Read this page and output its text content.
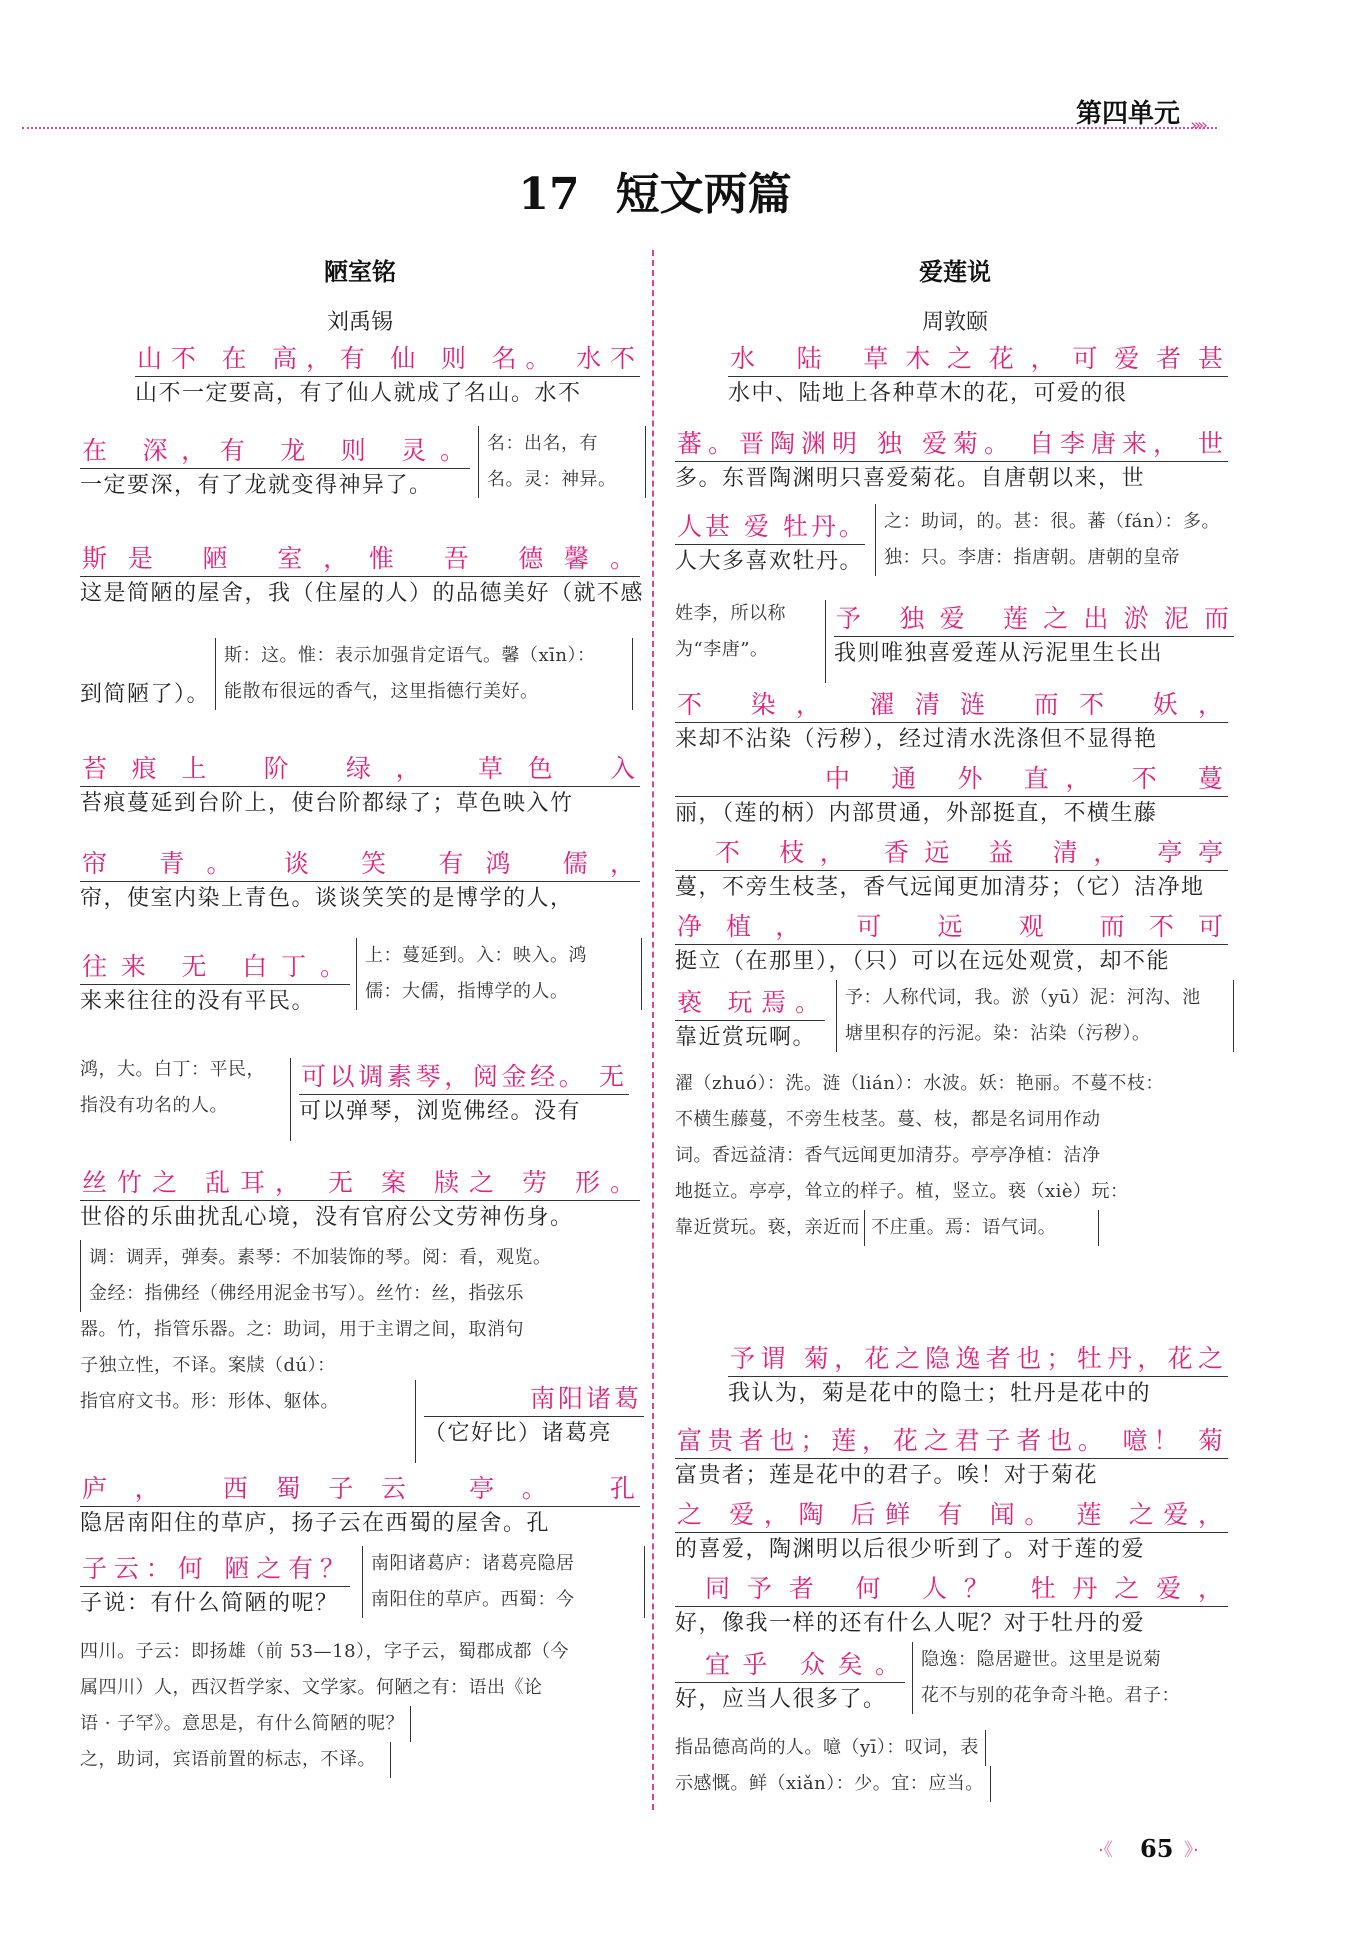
第四单元 »»
17 短文两篇
陋室铭
刘禹锡
山不 在 高，有 仙 则 名。 水不
山不一定要高，有了仙人就成了名山。水不
在 深，有 龙 则 灵。
一定要深，有了龙就变得神异了。
名：出名，有
名。灵：神异。
斯是 陋 室，惟 吾 德馨。
这是简陋的屋舍，我（住屋的人）的品德美好（就不感
到简陋了）。
斯：这。惟：表示加强肯定语气。馨（xīn）：
能散布很远的香气，这里指德行美好。
苔痕上 阶 绿， 草色 入
苔痕蔓延到台阶上，使台阶都绿了；草色映入竹
帘 青。 谈 笑 有鸿 儒，
帘，使室内染上青色。谈谈笑笑的是博学的人，
往来 无 白丁。
来来往往的没有平民。
上：蔓延到。入：映入。鸿
儒：大儒，指博学的人。
鸿，大。白丁：平民，
指没有功名的人。
可以调素琴，阅金经。 无
可以弹琴，浏览佛经。没有
丝竹之 乱耳， 无 案 牍之 劳 形。
世俗的乐曲扰乱心境，没有官府公文劳神伤身。
调：调弄，弹奏。素琴：不加装饰的琴。阅：看，观览。
金经：指佛经（佛经用泥金书写）。丝竹：丝，指弦乐
器。竹，指管乐器。之：助词，用于主谓之间，取消句
子独立性，不译。案牍（dú）：
指官府文书。形：形体、躯体。	南阳诸葛
（它好比）诸葛亮
庐， 西蜀子云 亭。 孔
隐居南阳住的草庐，扬子云在西蜀的屋舍。孔
子云：何 陋之有？
子说：有什么简陋的呢？
南阳诸葛庐：诸葛亮隐居
南阳住的草庐。西蜀：今
四川。子云：即扬雄（前 53—18），字子云，蜀郡成都（今
属四川）人，西汉哲学家、文学家。何陋之有：语出《论
语 · 子罕》。意思是，有什么简陋的呢？ 之，助词，宾语前置的标志，不译。
爱莲说
周敦颐
水 陆 草木之花，可爱者甚
水中、陆地上各种草木的花，可爱的很
蕃。晋陶渊明 独 爱菊。 自李唐来， 世
多。东晋陶渊明只喜爱菊花。自唐朝以来，世
人甚 爱 牡丹。
人大多喜欢牡丹。
之：助词，的。甚：很。蕃（fán）：多。
独：只。李唐：指唐朝。唐朝的皇帝
姓李，所以称
为“李唐”。
予 独爱 莲之出淤泥而
我则唯独喜爱莲从污泥里生长出
不 染， 濯清涟 而不 妖，
来却不沾染（污秽），经过清水洗涤但不显得艳
中 通 外 直， 不 蔓
丽，（莲的柄）内部贯通，外部挺直，不横生藤
不 枝， 香远 益 清， 亭亭
蔓，不旁生枝茎，香气远闻更加清芬；（它）洁净地
净植， 可 远 观 而不可
挺立（在那里），（只）可以在远处观赏，却不能
亵 玩焉。
靠近赏玩啊。
予：人称代词，我。淤（yū）泥：河沟、池
塘里积存的污泥。染：沾染（污秽）。
濯（zhuó）：洗。涟（lián）：水波。妖：艳丽。不蔓不枝：
不横生藤蔓，不旁生枝茎。蔓、枝，都是名词用作动
词。香远益清：香气远闻更加清芬。亭亭净植：洁净
地挺立。亭亭，耸立的样子。植，竖立。亵（xiè）玩：
靠近赏玩。亵，亲近而 不庄重。焉：语气词。
予谓 菊，花之隐逸者也；牡丹，花之
我认为，菊是花中的隐士；牡丹是花中的
富贵者也；莲，花之君子者也。 噫！ 菊
富贵者；莲是花中的君子。唉！对于菊花
之 爱，陶 后鲜 有 闻。 莲 之爱，
的喜爱，陶渊明以后很少听到了。对于莲的爱
同予者 何 人？ 牡丹之爱，
好，像我一样的还有什么人呢？对于牡丹的爱
宜乎 众矣。
好，应当人很多了。
隐逸：隐居避世。这里是说菊
花不与别的花争奇斗艳。君子：
指品德高尚的人。噫（yī）：叹词，表 示感慨。鲜（xiǎn）：少。宜：应当。
·《 65 》·
